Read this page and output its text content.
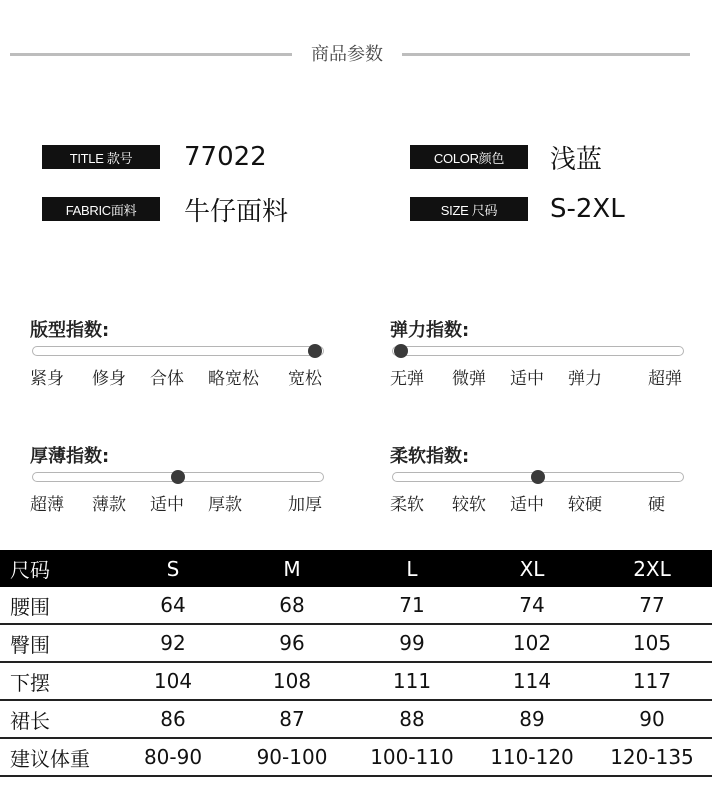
商品参数
TITLE 款号	77022	COLOR颜色	浅蓝
FABRIC面料	牛仔面料	SIZE 尺码	S-2XL
版型指数:
紧身 修身 合体 略宽松 宽松
弹力指数:
无弹 微弹 适中 弹力	超弹
厚薄指数:
超薄 薄款 适中 厚款	加厚
柔软指数:
柔软 较软 适中 较硬	硬
尺码	S	M	L	XL	2XL
腰围	64	68	71	74	77
臀围	92	96	99	102	105
下摆	104	108	111	114	117
裙长	86	87	88	89	90
建议体重	80-90	90-100	100-110	110-120	120-135
